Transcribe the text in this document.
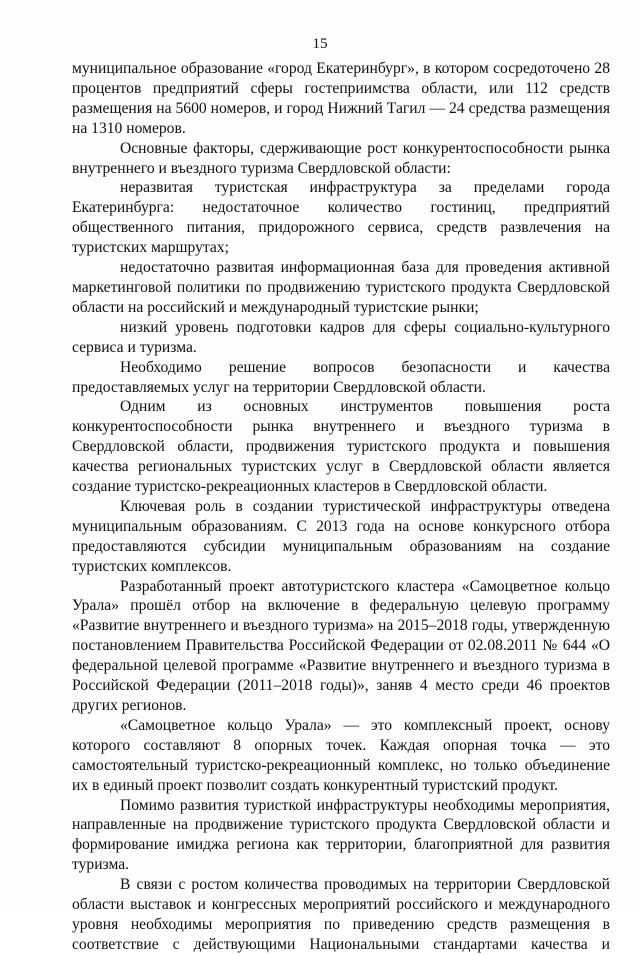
15

муниципальное образование «город Екатеринбург», в котором сосредоточено 28 процентов предприятий сферы гостеприимства области, или 112 средств размещения на 5600 номеров, и город Нижний Тагил — 24 средства размещения на 1310 номеров.

Основные факторы, сдерживающие рост конкурентоспособности рынка внутреннего и въездного туризма Свердловской области:

неразвитая туристская инфраструктура за пределами города Екатеринбурга: недостаточное количество гостиниц, предприятий общественного питания, придорожного сервиса, средств развлечения на туристских маршрутах;

недостаточно развитая информационная база для проведения активной маркетинговой политики по продвижению туристского продукта Свердловской области на российский и международный туристские рынки;

низкий уровень подготовки кадров для сферы социально-культурного сервиса и туризма.

Необходимо решение вопросов безопасности и качества предоставляемых услуг на территории Свердловской области.

Одним из основных инструментов повышения роста конкурентоспособности рынка внутреннего и въездного туризма в Свердловской области, продвижения туристского продукта и повышения качества региональных туристских услуг в Свердловской области является создание туристско-рекреационных кластеров в Свердловской области.

Ключевая роль в создании туристической инфраструктуры отведена муниципальным образованиям. С 2013 года на основе конкурсного отбора предоставляются субсидии муниципальным образованиям на создание туристских комплексов.

Разработанный проект автотуристского кластера «Самоцветное кольцо Урала» прошёл отбор на включение в федеральную целевую программу «Развитие внутреннего и въездного туризма» на 2015–2018 годы, утвержденную постановлением Правительства Российской Федерации от 02.08.2011 № 644 «О федеральной целевой программе «Развитие внутреннего и въездного туризма в Российской Федерации (2011–2018 годы)», заняв 4 место среди 46 проектов других регионов.

«Самоцветное кольцо Урала» — это комплексный проект, основу которого составляют 8 опорных точек. Каждая опорная точка — это самостоятельный туристско-рекреационный комплекс, но только объединение их в единый проект позволит создать конкурентный туристский продукт.

Помимо развития туристкой инфраструктуры необходимы мероприятия, направленные на продвижение туристского продукта Свердловской области и формирование имиджа региона как территории, благоприятной для развития туризма.

В связи с ростом количества проводимых на территории Свердловской области выставок и конгрессных мероприятий российского и международного уровня необходимы мероприятия по приведению средств размещения в соответствие с действующими Национальными стандартами качества и
